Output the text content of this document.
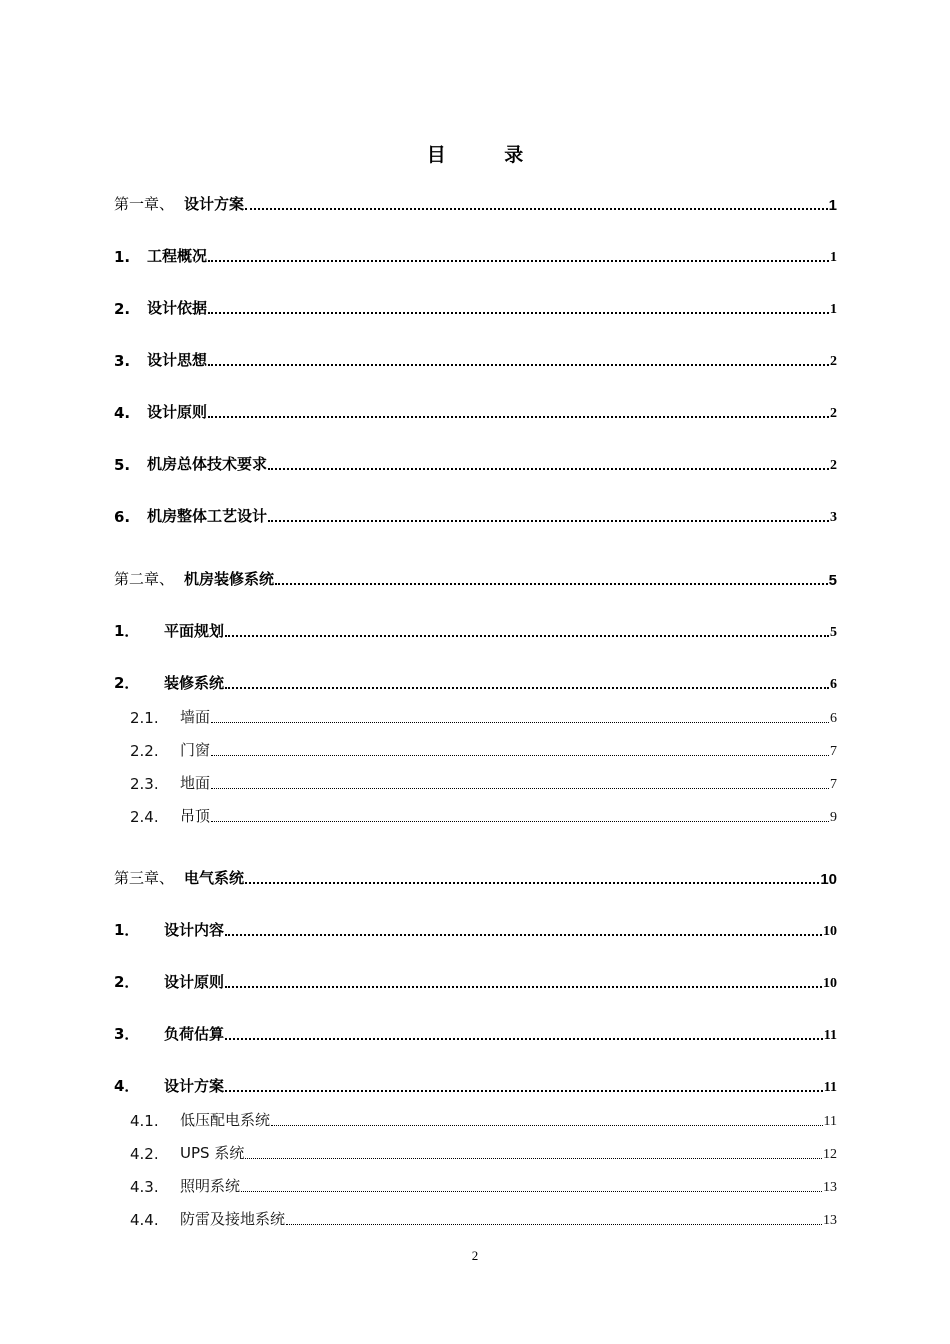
目 录
第一章、 设计方案	1
1.	工程概况	1
2.	设计依据	1
3.	设计思想	2
4.	设计原则	2
5.	机房总体技术要求	2
6.	机房整体工艺设计	3
第二章、 机房装修系统	5
1．	平面规划	5
2．	装修系统	6
2.1.	墙面	6
2.2.	门窗	7
2.3.	地面	7
2.4.	吊顶	9
第三章、 电气系统	10
1．	设计内容	10
2．	设计原则	10
3．	负荷估算	11
4．	设计方案	11
4.1.	低压配电系统	11
4.2.	UPS 系统	12
4.3.	照明系统	13
4.4.	防雷及接地系统	13
2
